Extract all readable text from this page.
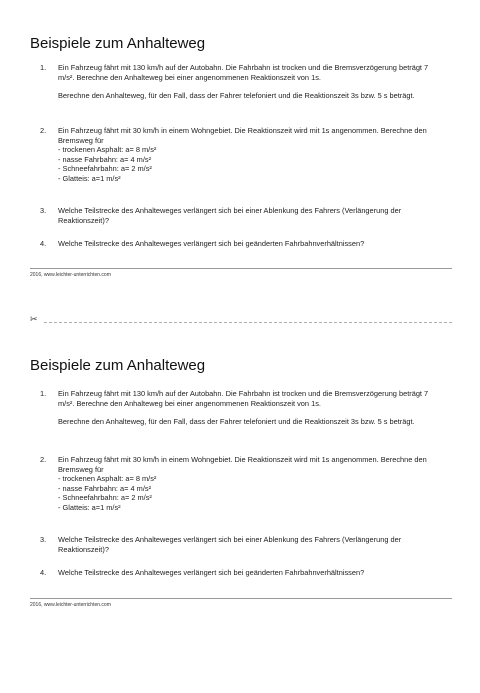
Beispiele zum Anhalteweg
1.	Ein Fahrzeug fährt mit 130 km/h auf der Autobahn. Die Fahrbahn ist trocken und die Bremsverzögerung beträgt 7 m/s². Berechne den Anhalteweg bei einer angenommenen Reaktionszeit von 1s.

Berechne den Anhalteweg, für den Fall, dass der Fahrer telefoniert und die Reaktionszeit 3s bzw. 5 s beträgt.

2.	Ein Fahrzeug fährt mit 30 km/h in einem Wohngebiet. Die Reaktionszeit wird mit 1s angenommen. Berechne den Bremsweg für

- trockenen Asphalt: a= 8 m/s²

- nasse Fahrbahn: a= 4 m/s²

- Schneefahrbahn: a= 2 m/s²

- Glatteis: a=1 m/s²

3.	Welche Teilstrecke des Anhalteweges verlängert sich bei einer Ablenkung des Fahrers (Verlängerung der Reaktionszeit)?

4.	Welche Teilstrecke des Anhalteweges verlängert sich bei geänderten Fahrbahnverhältnissen?

2016, www.leichter-unterrichten.com
✂
Beispiele zum Anhalteweg
1.	Ein Fahrzeug fährt mit 130 km/h auf der Autobahn. Die Fahrbahn ist trocken und die Bremsverzögerung beträgt 7 m/s². Berechne den Anhalteweg bei einer angenommenen Reaktionszeit von 1s.

Berechne den Anhalteweg, für den Fall, dass der Fahrer telefoniert und die Reaktionszeit 3s bzw. 5 s beträgt.

2.	Ein Fahrzeug fährt mit 30 km/h in einem Wohngebiet. Die Reaktionszeit wird mit 1s angenommen. Berechne den Bremsweg für

- trockenen Asphalt: a= 8 m/s²

- nasse Fahrbahn: a= 4 m/s²

- Schneefahrbahn: a= 2 m/s²

- Glatteis: a=1 m/s²

3.	Welche Teilstrecke des Anhalteweges verlängert sich bei einer Ablenkung des Fahrers (Verlängerung der Reaktionszeit)?

4.	Welche Teilstrecke des Anhalteweges verlängert sich bei geänderten Fahrbahnverhältnissen?

2016, www.leichter-unterrichten.com
